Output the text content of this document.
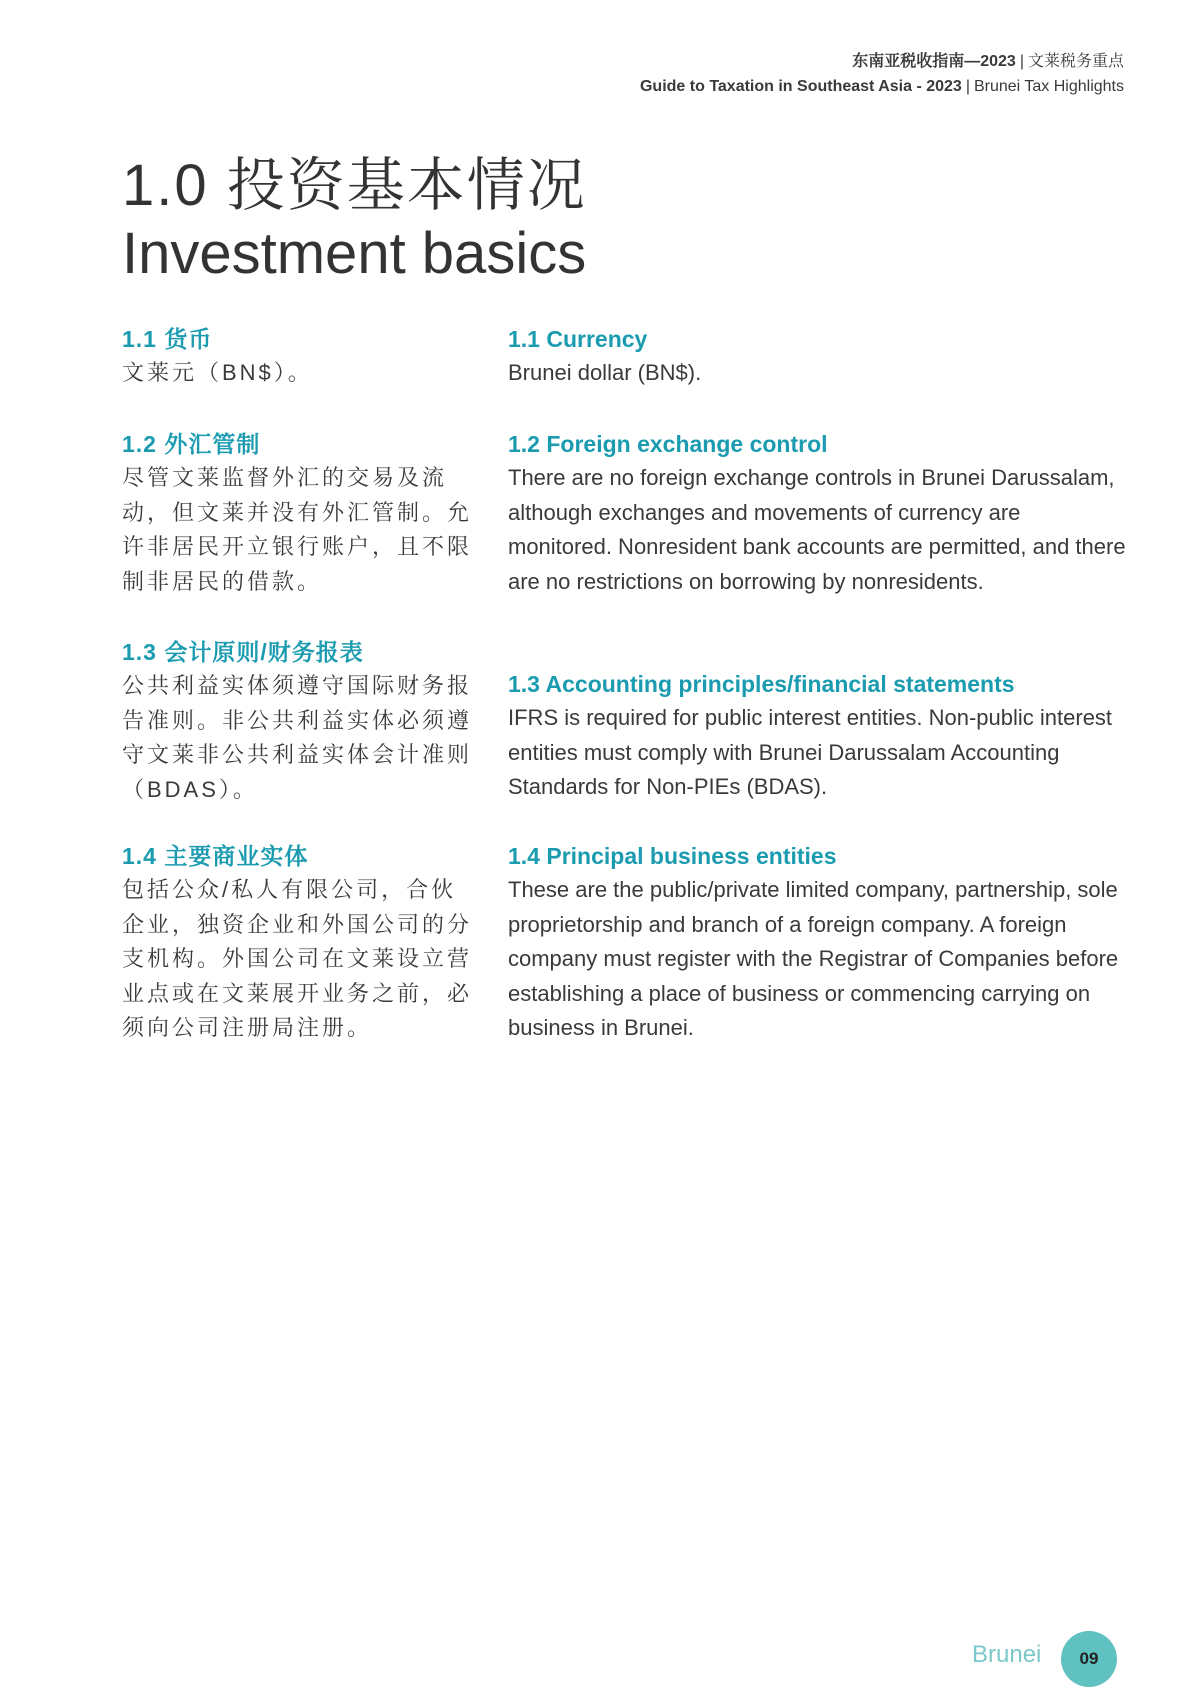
东南亚税收指南—2023 | 文莱税务重点
Guide to Taxation in Southeast Asia - 2023 | Brunei Tax Highlights
1.0 投资基本情况
Investment basics
1.1 货币

文莱元（BN$）。

1.2 外汇管制

尽管文莱监督外汇的交易及流动，但文莱并没有外汇管制。允许非居民开立银行账户，且不限制非居民的借款。

1.3 会计原则/财务报表

公共利益实体须遵守国际财务报告准则。非公共利益实体必须遵守文莱非公共利益实体会计准则（BDAS）。

1.4 主要商业实体

包括公众/私人有限公司，合伙企业，独资企业和外国公司的分支机构。外国公司在文莱设立营业点或在文莱展开业务之前，必须向公司注册局注册。

1.1 Currency

Brunei dollar (BN$).

1.2 Foreign exchange control

There are no foreign exchange controls in Brunei Darussalam, although exchanges and movements of currency are monitored. Nonresident bank accounts are permitted, and there are no restrictions on borrowing by nonresidents.

1.3 Accounting principles/financial statements

IFRS is required for public interest entities. Non-public interest entities must comply with Brunei Darussalam Accounting Standards for Non-PIEs (BDAS).

1.4 Principal business entities

These are the public/private limited company, partnership, sole proprietorship and branch of a foreign company. A foreign company must register with the Registrar of Companies before establishing a place of business or commencing carrying on business in Brunei.

Brunei	09
